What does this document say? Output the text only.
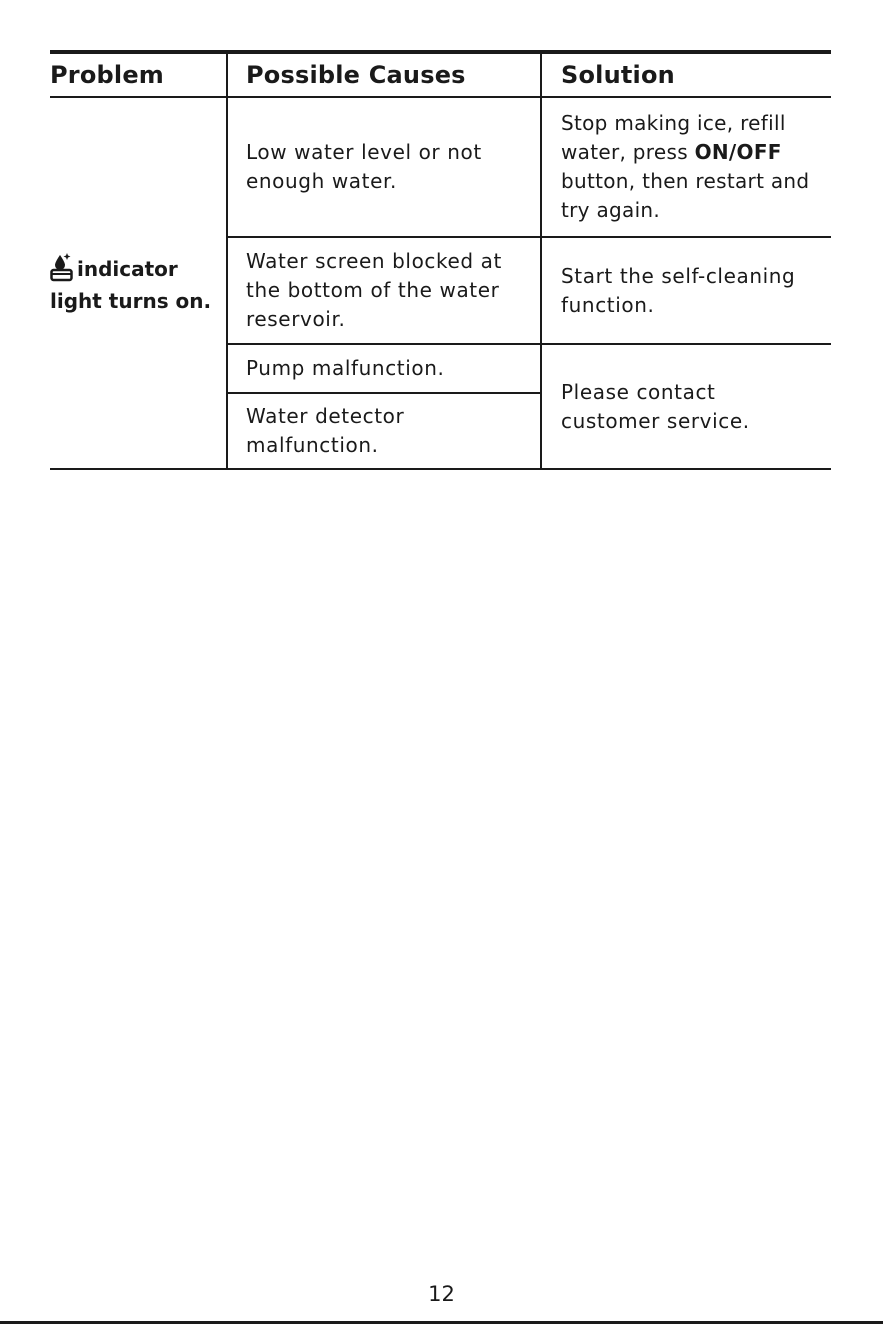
Problem	Possible Causes	Solution
indicator
light turns on.
Low water level or not enough water.
Water screen blocked at the bottom of the water reservoir.
Pump malfunction.
Water detector malfunction.
Stop making ice, refill water, press ON/OFF button, then restart and try again.
Start the self-cleaning function.
Please contact customer service.
12
